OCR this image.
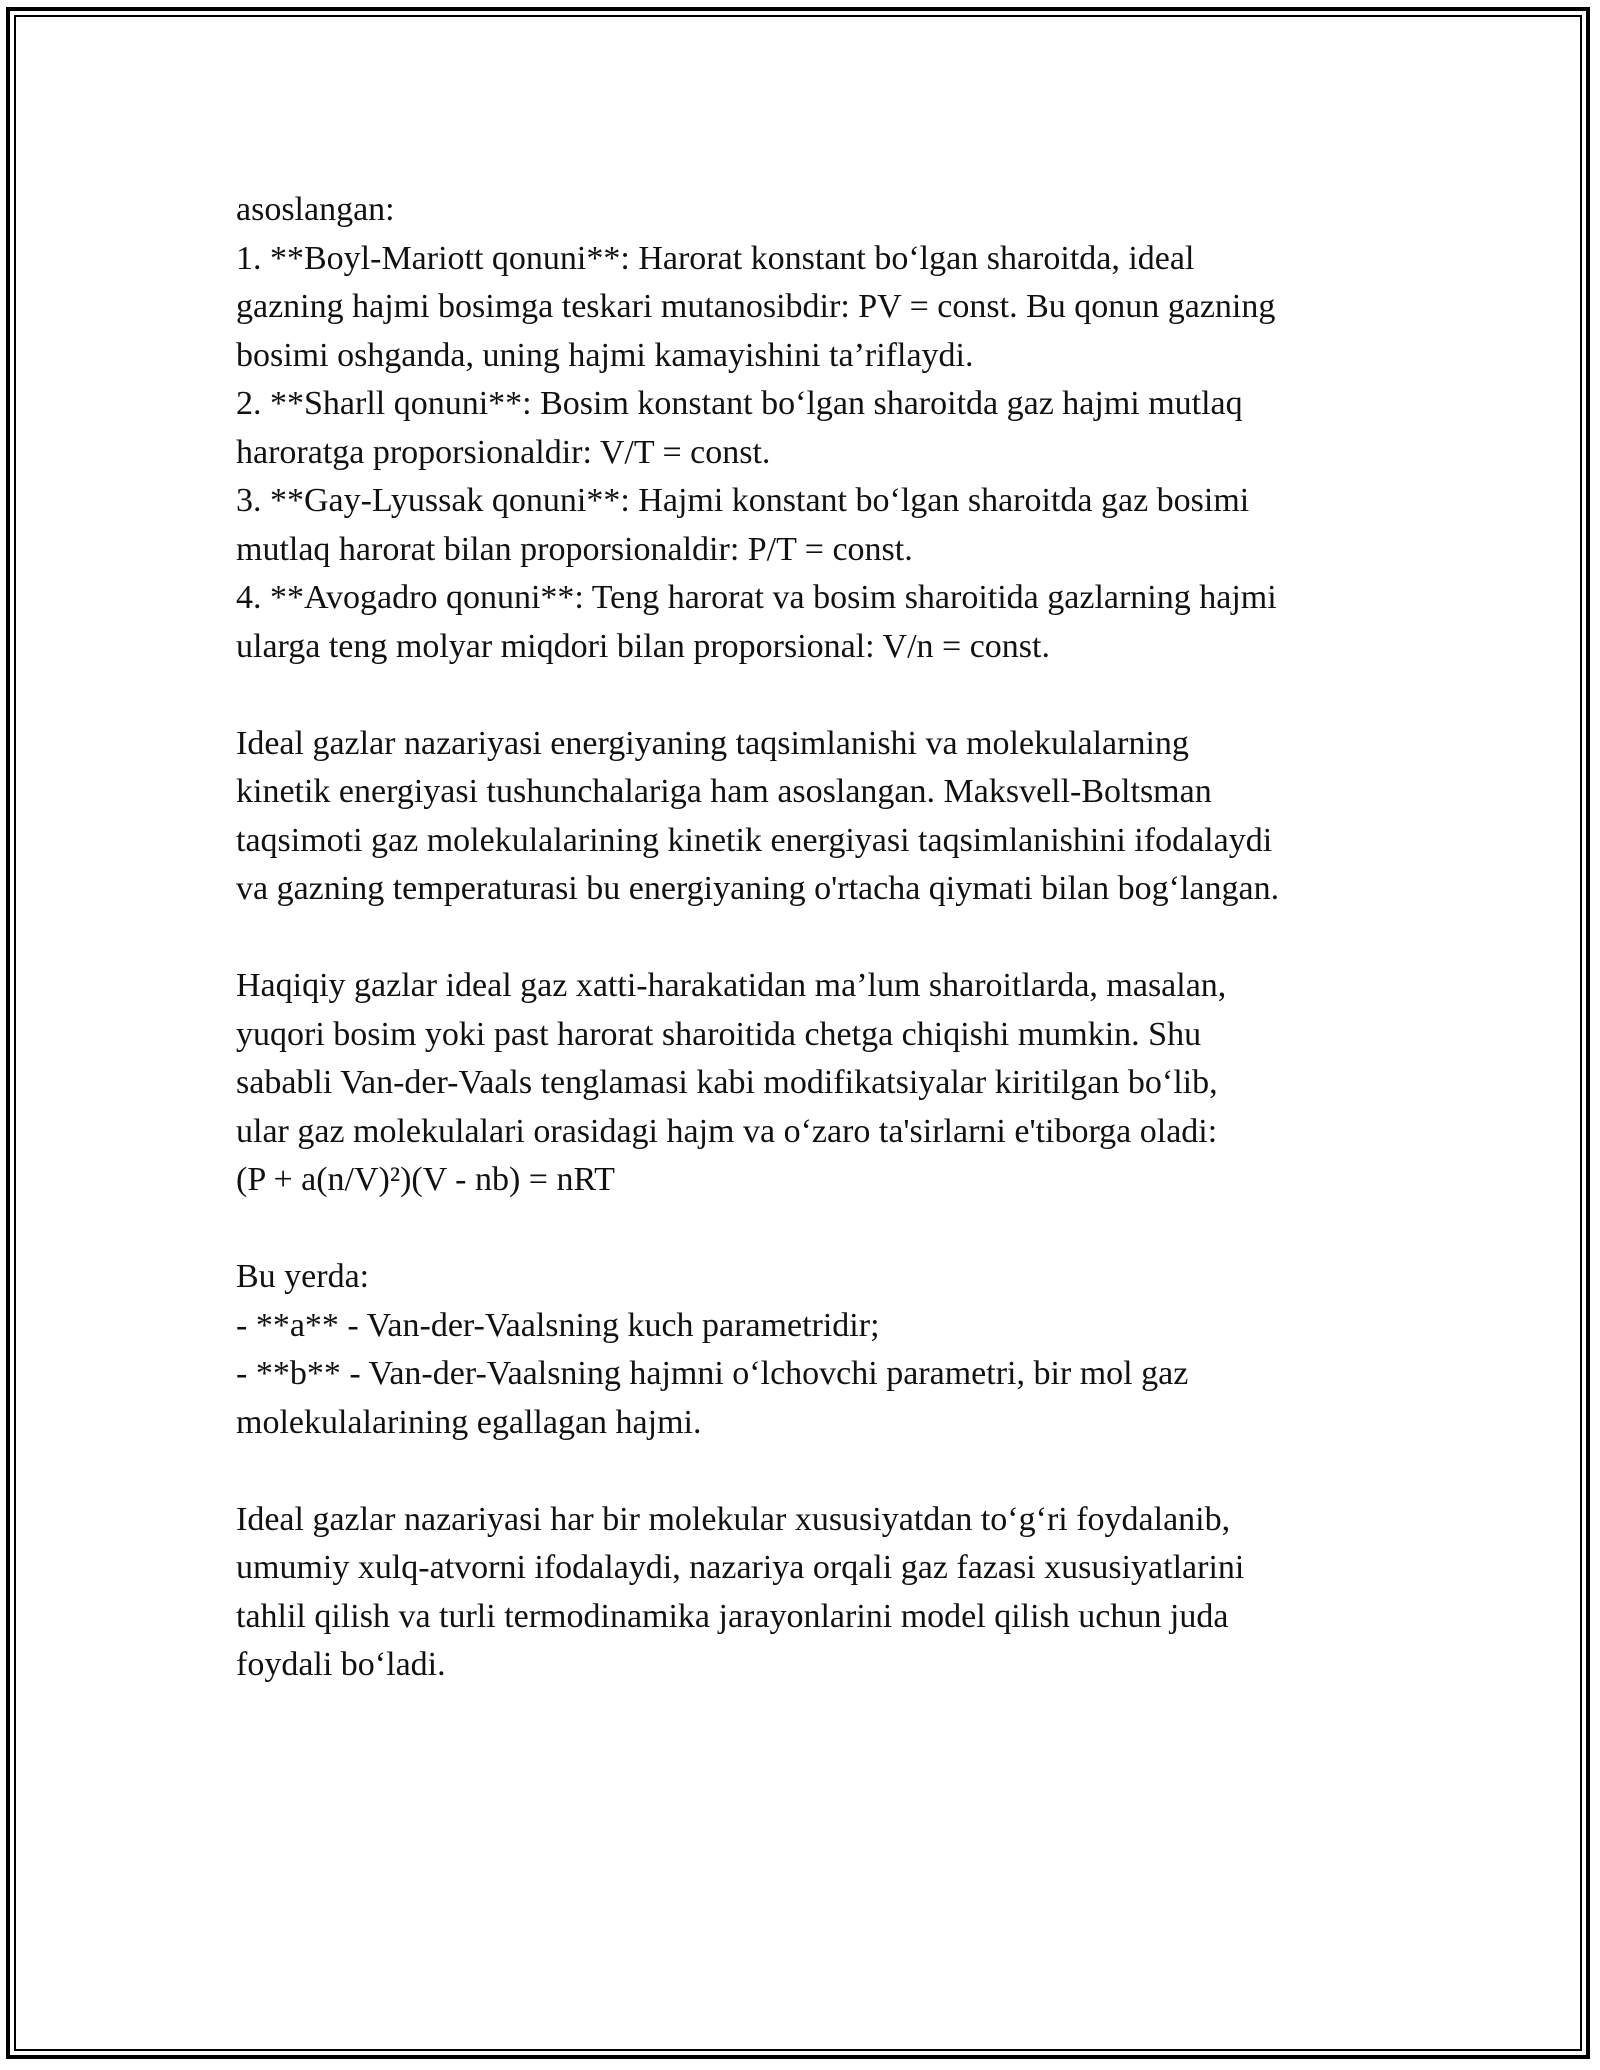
asoslangan:
1. **Boyl-Mariott qonuni**: Harorat konstant bo‘lgan sharoitda, ideal
gazning hajmi bosimga teskari mutanosibdir: PV = const. Bu qonun gazning
bosimi oshganda, uning hajmi kamayishini ta’riflaydi.
2. **Sharll qonuni**: Bosim konstant bo‘lgan sharoitda gaz hajmi mutlaq
haroratga proporsionaldir: V/T = const.
3. **Gay-Lyussak qonuni**: Hajmi konstant bo‘lgan sharoitda gaz bosimi
mutlaq harorat bilan proporsionaldir: P/T = const.
4. **Avogadro qonuni**: Teng harorat va bosim sharoitida gazlarning hajmi
ularga teng molyar miqdori bilan proporsional: V/n = const.
Ideal gazlar nazariyasi energiyaning taqsimlanishi va molekulalarning
kinetik energiyasi tushunchalariga ham asoslangan. Maksvell-Boltsman
taqsimoti gaz molekulalarining kinetik energiyasi taqsimlanishini ifodalaydi
va gazning temperaturasi bu energiyaning o'rtacha qiymati bilan bog‘langan.
Haqiqiy gazlar ideal gaz xatti-harakatidan ma’lum sharoitlarda, masalan,
yuqori bosim yoki past harorat sharoitida chetga chiqishi mumkin. Shu
sababli Van-der-Vaals tenglamasi kabi modifikatsiyalar kiritilgan bo‘lib,
ular gaz molekulalari orasidagi hajm va o‘zaro ta'sirlarni e'tiborga oladi:
(P + a(n/V)²)(V - nb) = nRT
Bu yerda:
- **a** - Van-der-Vaalsning kuch parametridir;
- **b** - Van-der-Vaalsning hajmni o‘lchovchi parametri, bir mol gaz
molekulalarining egallagan hajmi.
Ideal gazlar nazariyasi har bir molekular xususiyatdan to‘g‘ri foydalanib,
umumiy xulq-atvorni ifodalaydi, nazariya orqali gaz fazasi xususiyatlarini
tahlil qilish va turli termodinamika jarayonlarini model qilish uchun juda
foydali bo‘ladi.
